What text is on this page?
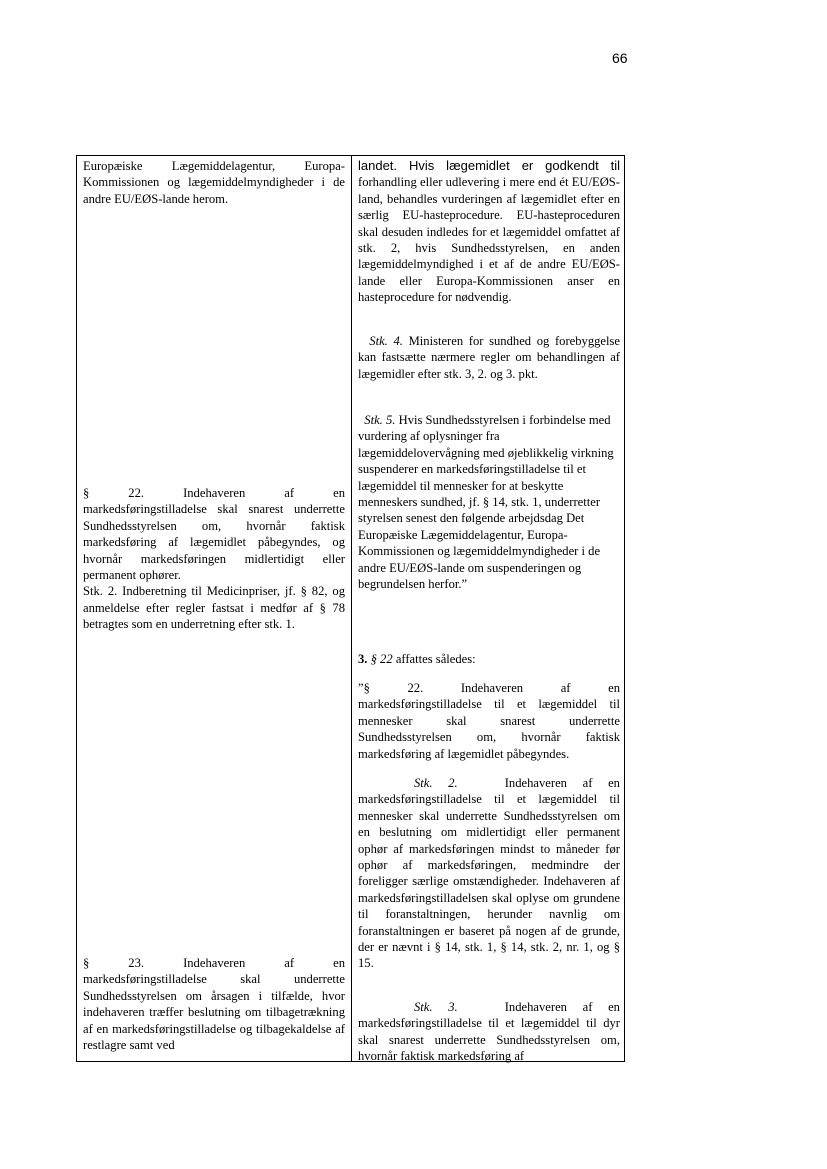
66
Europæiske Lægemiddelagentur, Europa-Kommissionen og lægemiddelmyndigheder i de andre EU/EØS-lande herom.

§ 22. Indehaveren af en

markedsføringstilladelse skal snarest underrette Sundhedsstyrelsen om, hvornår faktisk markedsføring af lægemidlet påbegyndes, og hvornår markedsføringen midlertidigt eller permanent ophører.

Stk. 2. Indberetning til Medicinpriser, jf. § 82, og anmeldelse efter regler fastsat i medfør af § 78 betragtes som en underretning efter stk. 1.

§ 23. Indehaveren af en

markedsføringstilladelse skal underrette Sundhedsstyrelsen om årsagen i tilfælde, hvor indehaveren træffer beslutning om tilbagetrækning af en markedsføringstilladelse og tilbagekaldelse af restlagre samt ved

landet. Hvis lægemidlet er godkendt til

forhandling eller udlevering i mere end ét EU/EØS-land, behandles vurderingen af lægemidlet efter en særlig EU-hasteprocedure. EU-hasteproceduren skal desuden indledes for et lægemiddel omfattet af stk. 2, hvis Sundhedsstyrelsen, en anden lægemiddelmyndighed i et af de andre EU/EØS-lande eller Europa-Kommissionen anser en hasteprocedure for nødvendig.

Stk. 4. Ministeren for sundhed og forebyggelse kan fastsætte nærmere regler om behandlingen af lægemidler efter stk. 3, 2. og 3. pkt.

Stk. 5. Hvis Sundhedsstyrelsen i forbindelse med vurdering af oplysninger fra lægemiddelovervågning med øjeblikkelig virkning suspenderer en markedsføringstilladelse til et lægemiddel til mennesker for at beskytte menneskers sundhed, jf. § 14, stk. 1, underretter styrelsen senest den følgende arbejdsdag Det Europæiske Lægemiddelagentur, Europa-Kommissionen og lægemiddelmyndigheder i de andre EU/EØS-lande om suspenderingen og begrundelsen herfor.”

3. § 22 affattes således:

”§ 22. Indehaveren af en

markedsføringstilladelse til et lægemiddel til mennesker skal snarest underrette Sundhedsstyrelsen om, hvornår faktisk markedsføring af lægemidlet påbegyndes.

Stk. 2.	Indehaveren af en

markedsføringstilladelse til et lægemiddel til mennesker skal underrette Sundhedsstyrelsen om en beslutning om midlertidigt eller permanent ophør af markedsføringen mindst to måneder før ophør af markedsføringen, medmindre der foreligger særlige omstændigheder. Indehaveren af markedsføringstilladelsen skal oplyse om grundene til foranstaltningen, herunder navnlig om foranstaltningen er baseret på nogen af de grunde, der er nævnt i § 14, stk. 1, § 14, stk. 2, nr. 1, og § 15.

Stk. 3.	Indehaveren af en

markedsføringstilladelse til et lægemiddel til dyr skal snarest underrette Sundhedsstyrelsen om, hvornår faktisk markedsføring af
